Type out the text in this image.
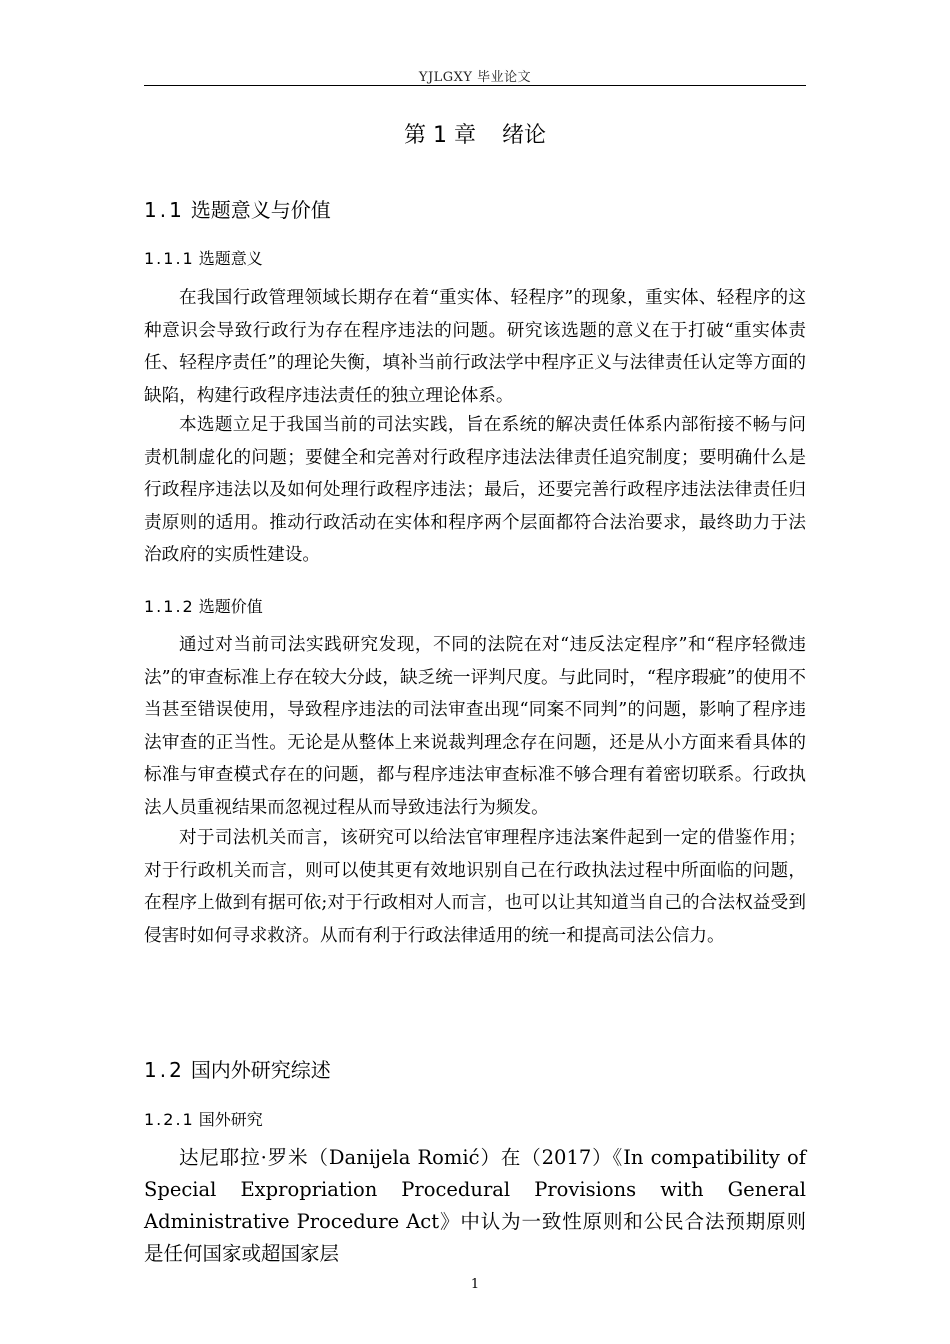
YJLGXY 毕业论文
第 1 章 绪论
1.1 选题意义与价值
1.1.1 选题意义

在我国行政管理领域长期存在着“重实体、轻程序”的现象，重实体、轻程序的这种意识会导致行政行为存在程序违法的问题。研究该选题的意义在于打破“重实体责任、轻程序责任”的理论失衡，填补当前行政法学中程序正义与法律责任认定等方面的缺陷，构建行政程序违法责任的独立理论体系。

本选题立足于我国当前的司法实践，旨在系统的解决责任体系内部衔接不畅与问责机制虚化的问题；要健全和完善对行政程序违法法律责任追究制度；要明确什么是行政程序违法以及如何处理行政程序违法；最后，还要完善行政程序违法法律责任归责原则的适用。推动行政活动在实体和程序两个层面都符合法治要求，最终助力于法治政府的实质性建设。

1.1.2 选题价值

通过对当前司法实践研究发现，不同的法院在对“违反法定程序”和“程序轻微违法”的审查标准上存在较大分歧，缺乏统一评判尺度。与此同时，“程序瑕疵”的使用不当甚至错误使用，导致程序违法的司法审查出现“同案不同判”的问题，影响了程序违法审查的正当性。无论是从整体上来说裁判理念存在问题，还是从小方面来看具体的标准与审查模式存在的问题，都与程序违法审查标准不够合理有着密切联系。行政执法人员重视结果而忽视过程从而导致违法行为频发。

对于司法机关而言，该研究可以给法官审理程序违法案件起到一定的借鉴作用；对于行政机关而言，则可以使其更有效地识别自己在行政执法过程中所面临的问题，在程序上做到有据可依;对于行政相对人而言，也可以让其知道当自己的合法权益受到侵害时如何寻求救济。从而有利于行政法律适用的统一和提高司法公信力。

1.2 国内外研究综述
1.2.1 国外研究

达尼耶拉·罗米（Danijela Romić）在（2017）《In compatibility of Special Expropriation Procedural Provisions with General Administrative Procedure Act》中认为一致性原则和公民合法预期原则是任何国家或超国家层

1
